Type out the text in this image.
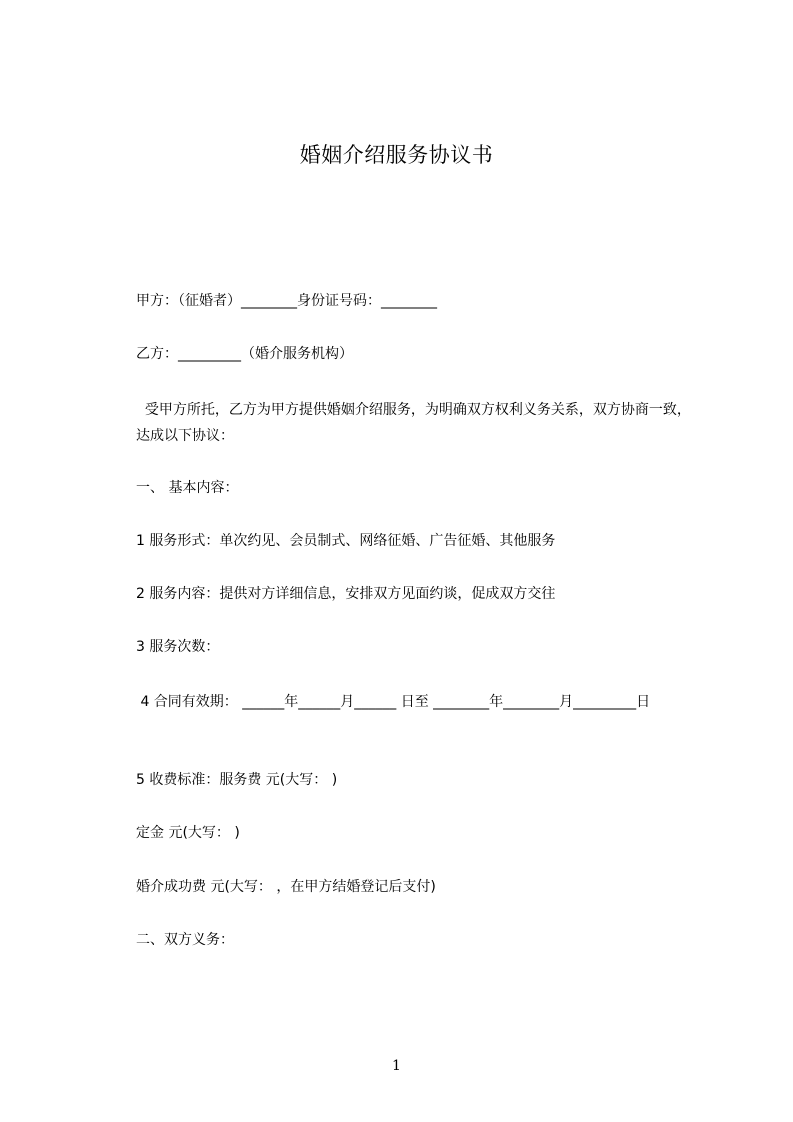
婚姻介绍服务协议书
甲方：（征婚者）________身份证号码：________
乙方：_________（婚介服务机构）
受甲方所托，乙方为甲方提供婚姻介绍服务，为明确双方权利义务关系，双方协商一致，达成以下协议：
一、 基本内容：
1 服务形式：单次约见、会员制式、网络征婚、广告征婚、其他服务
2 服务内容：提供对方详细信息，安排双方见面约谈，促成双方交往
3 服务次数：
4 合同有效期： ______年______月______ 日至 ________年________月_________日
5 收费标准：服务费 元(大写： )
定金 元(大写： )
婚介成功费 元(大写： ，在甲方结婚登记后支付)
二、双方义务：
1
